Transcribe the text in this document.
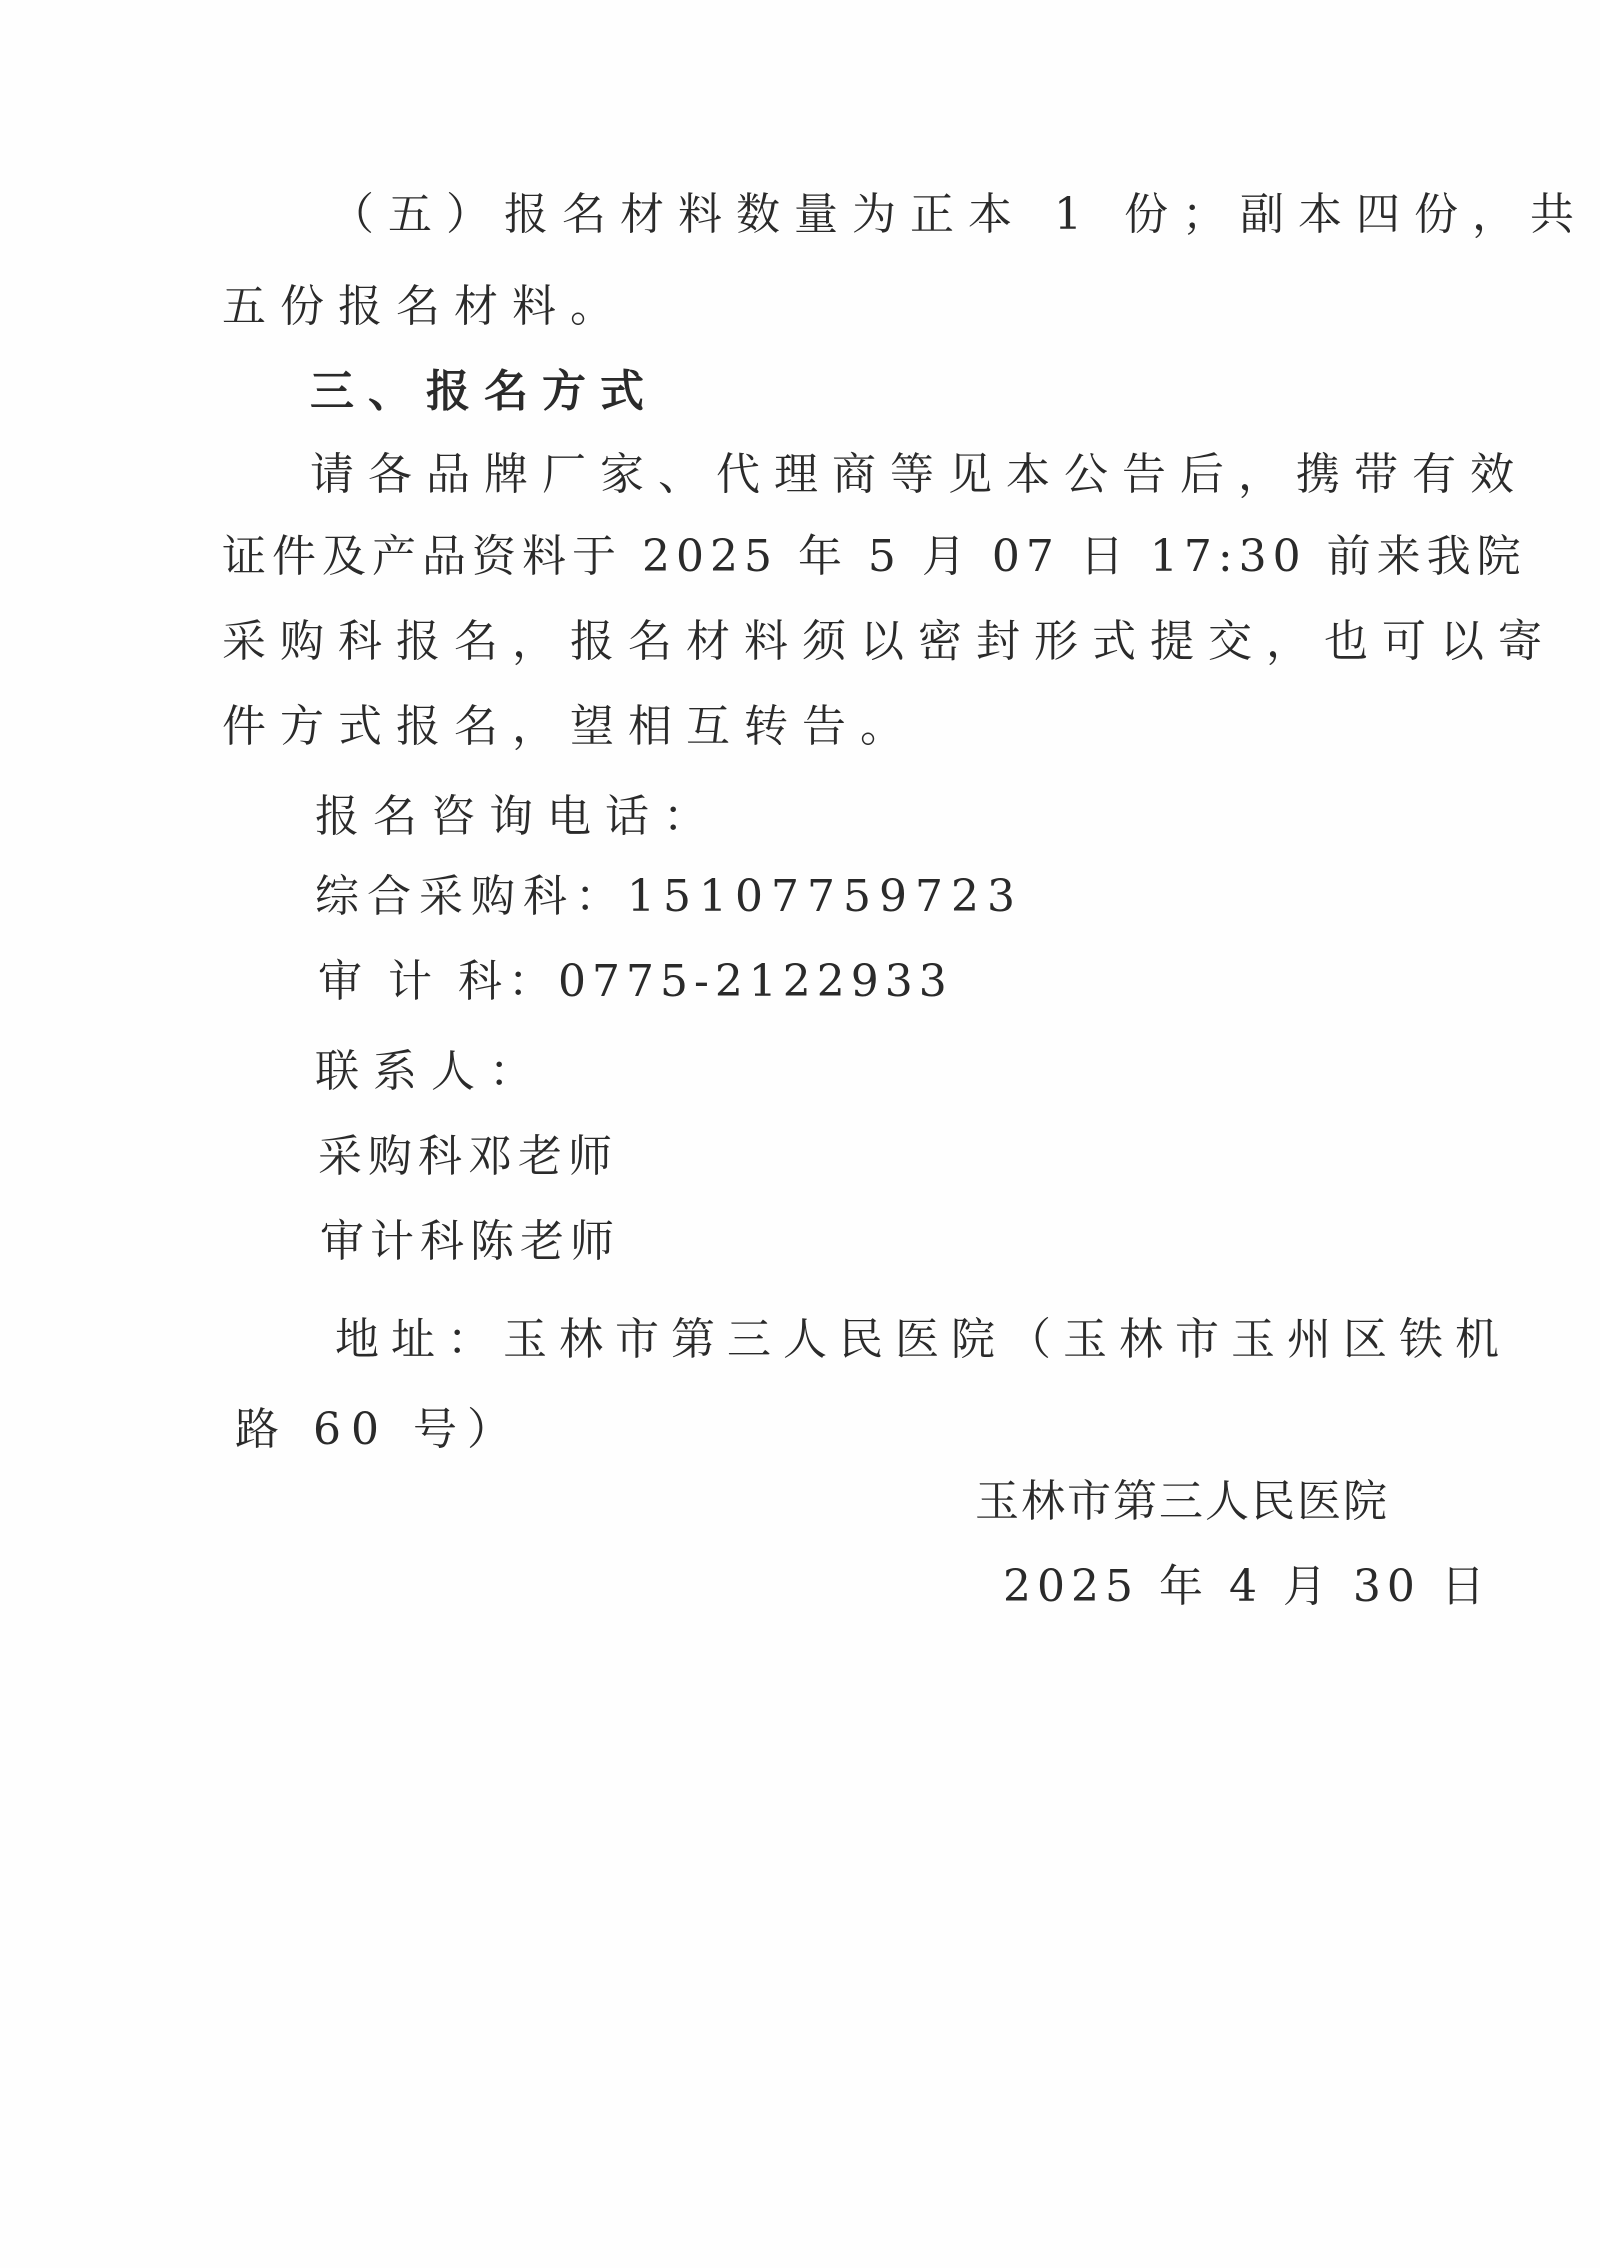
（五）报名材料数量为正本 1 份；副本四份，共
五份报名材料。
三、报名方式
请各品牌厂家、代理商等见本公告后，携带有效
证件及产品资料于 2025 年 5 月 07 日 17:30 前来我院
采购科报名，报名材料须以密封形式提交，也可以寄
件方式报名，望相互转告。
报名咨询电话：
综合采购科：15107759723
审 计 科：0775-2122933
联系人：
采购科邓老师
审计科陈老师
地址：玉林市第三人民医院（玉林市玉州区铁机
路 60 号）
玉林市第三人民医院
2025 年 4 月 30 日
